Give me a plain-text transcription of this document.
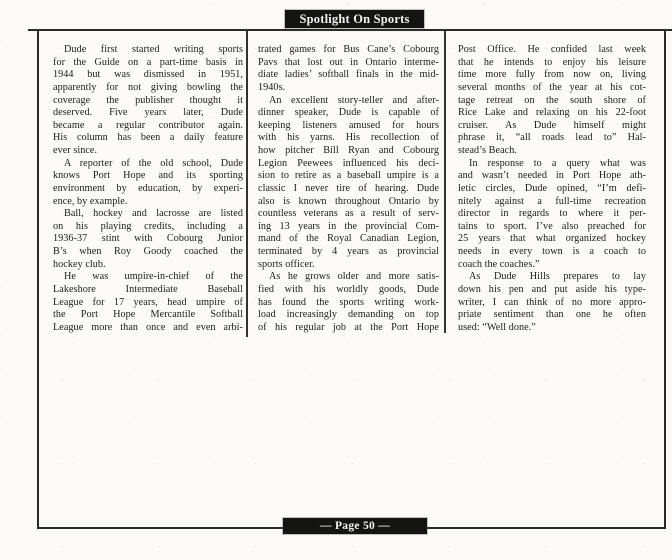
Spotlight On Sports
Dude first started writing sports
for the Guide on a part-time basis in
1944 but was dismissed in 1951,
apparently for not giving bowling the
coverage the publisher thought it
deserved. Five years later, Dude
became a regular contributor again.
His column has been a daily feature
ever since.
A reporter of the old school, Dude
knows Port Hope and its sporting
environment by education, by experi-
ence, by example.
Ball, hockey and lacrosse are listed
on his playing credits, including a
1936-37 stint with Cobourg Junior
B’s when Roy Goody coached the
hockey club.
He was umpire-in-chief of the
Lakeshore Intermediate Baseball
League for 17 years, head umpire of
the Port Hope Mercantile Softball
League more than once and even arbi-
trated games for Bus Cane’s Cobourg
Pavs that lost out in Ontario interme-
diate ladies’ softball finals in the mid-
1940s.
An excellent story-teller and after-
dinner speaker, Dude is capable of
keeping listeners amused for hours
with his yarns. His recollection of
how pitcher Bill Ryan and Cobourg
Legion Peewees influenced his deci-
sion to retire as a baseball umpire is a
classic I never tire of hearing. Dude
also is known throughout Ontario by
countless veterans as a result of serv-
ing 13 years in the provincial Com-
mand of the Royal Canadian Legion,
terminated by 4 years as provincial
sports officer.
As he grows older and more satis-
fied with his worldly goods, Dude
has found the sports writing work-
load increasingly demanding on top
of his regular job at the Port Hope
Post Office. He confided last week
that he intends to enjoy his leisure
time more fully from now on, living
several months of the year at his cot-
tage retreat on the south shore of
Rice Lake and relaxing on his 22-foot
cruiser. As Dude himself might
phrase it, “all roads lead to” Hal-
stead’s Beach.
In response to a query what was
and wasn’t needed in Port Hope ath-
letic circles, Dude opined, “I’m defi-
nitely against a full-time recreation
director in regards to where it per-
tains to sport. I’ve also preached for
25 years that what organized hockey
needs in every town is a coach to
coach the coaches.”
As Dude Hills prepares to lay
down his pen and put aside his type-
writer, I can think of no more appro-
priate sentiment than one he often
used: “Well done.”
— Page 50 —
